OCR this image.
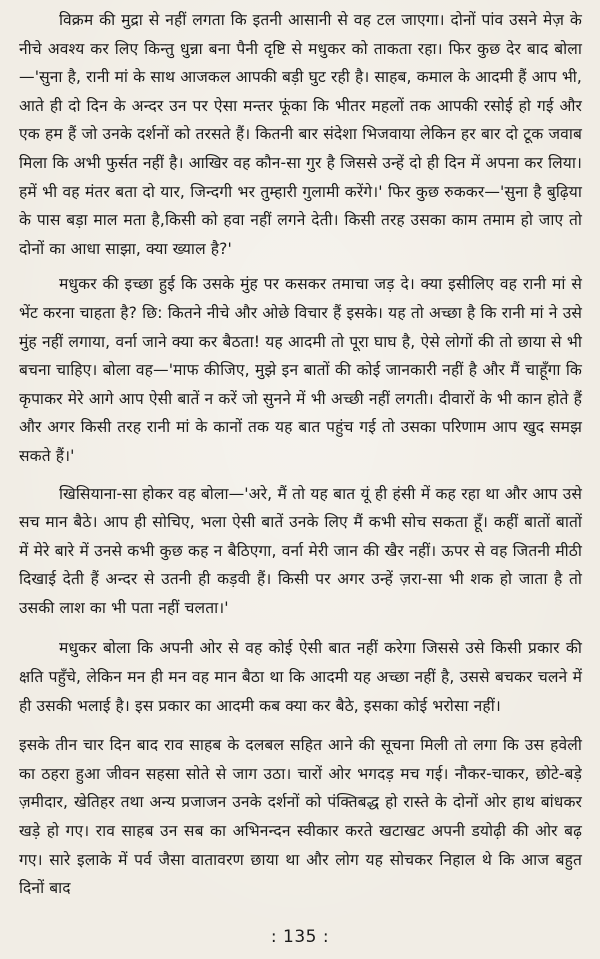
विक्रम की मुद्रा से नहीं लगता कि इतनी आसानी से वह टल जाएगा। दोनों पांव उसने मेज़ के नीचे अवश्य कर लिए किन्तु धुन्ना बना पैनी दृष्टि से मधुकर को ताकता रहा। फिर कुछ देर बाद बोला—'सुना है, रानी मां के साथ आजकल आपकी बड़ी घुट रही है। साहब, कमाल के आदमी हैं आप भी, आते ही दो दिन के अन्दर उन पर ऐसा मन्तर फूंका कि भीतर महलों तक आपकी रसोई हो गई और एक हम हैं जो उनके दर्शनों को तरसते हैं। कितनी बार संदेशा भिजवाया लेकिन हर बार दो टूक जवाब मिला कि अभी फुर्सत नहीं है। आखिर वह कौन-सा गुर है जिससे उन्हें दो ही दिन में अपना कर लिया। हमें भी वह मंतर बता दो यार, जिन्दगी भर तुम्हारी गुलामी करेंगे।' फिर कुछ रुककर—'सुना है बुढ़िया के पास बड़ा माल मता है,किसी को हवा नहीं लगने देती। किसी तरह उसका काम तमाम हो जाए तो दोनों का आधा साझा, क्या ख्याल है?'

मधुकर की इच्छा हुई कि उसके मुंह पर कसकर तमाचा जड़ दे। क्या इसीलिए वह रानी मां से भेंट करना चाहता है? छि: कितने नीचे और ओछे विचार हैं इसके। यह तो अच्छा है कि रानी मां ने उसे मुंह नहीं लगाया, वर्ना जाने क्या कर बैठता! यह आदमी तो पूरा घाघ है, ऐसे लोगों की तो छाया से भी बचना चाहिए। बोला वह—'माफ कीजिए, मुझे इन बातों की कोई जानकारी नहीं है और मैं चाहूँगा कि कृपाकर मेरे आगे आप ऐसी बातें न करें जो सुनने में भी अच्छी नहीं लगती। दीवारों के भी कान होते हैं और अगर किसी तरह रानी मां के कानों तक यह बात पहुंच गई तो उसका परिणाम आप खुद समझ सकते हैं।'

खिसियाना-सा होकर वह बोला—'अरे, मैं तो यह बात यूं ही हंसी में कह रहा था और आप उसे सच मान बैठे। आप ही सोचिए, भला ऐसी बातें उनके लिए मैं कभी सोच सकता हूँ। कहीं बातों बातों में मेरे बारे में उनसे कभी कुछ कह न बैठिएगा, वर्ना मेरी जान की खैर नहीं। ऊपर से वह जितनी मीठी दिखाई देती हैं अन्दर से उतनी ही कड़वी हैं। किसी पर अगर उन्हें ज़रा-सा भी शक हो जाता है तो उसकी लाश का भी पता नहीं चलता।'

मधुकर बोला कि अपनी ओर से वह कोई ऐसी बात नहीं करेगा जिससे उसे किसी प्रकार की क्षति पहुँचे, लेकिन मन ही मन वह मान बैठा था कि आदमी यह अच्छा नहीं है, उससे बचकर चलने में ही उसकी भलाई है। इस प्रकार का आदमी कब क्या कर बैठे, इसका कोई भरोसा नहीं।

इसके तीन चार दिन बाद राव साहब के दलबल सहित आने की सूचना मिली तो लगा कि उस हवेली का ठहरा हुआ जीवन सहसा सोते से जाग उठा। चारों ओर भगदड़ मच गई। नौकर-चाकर, छोटे-बड़े ज़मीदार, खेतिहर तथा अन्य प्रजाजन उनके दर्शनों को पंक्तिबद्ध हो रास्ते के दोनों ओर हाथ बांधकर खड़े हो गए। राव साहब उन सब का अभिनन्दन स्वीकार करते खटाखट अपनी डयोढ़ी की ओर बढ़ गए। सारे इलाके में पर्व जैसा वातावरण छाया था और लोग यह सोचकर निहाल थे कि आज बहुत दिनों बाद

: 135 :
